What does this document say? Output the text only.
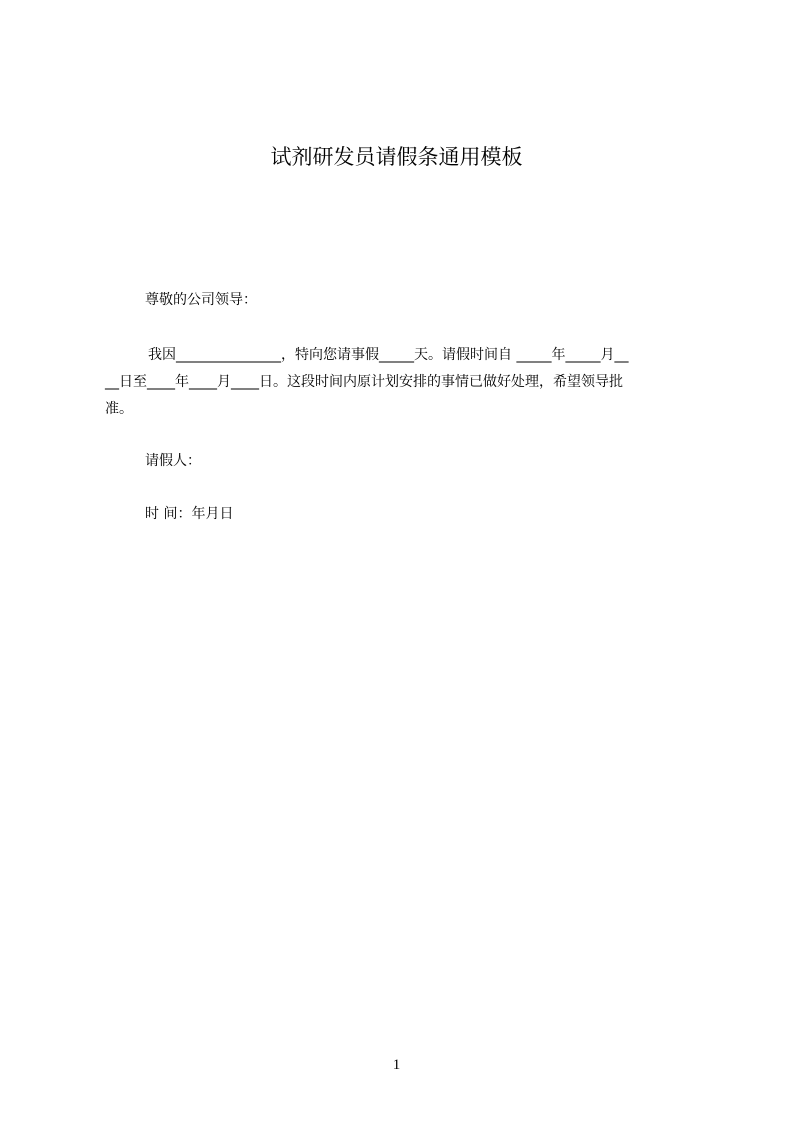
试剂研发员请假条通用模板
尊敬的公司领导：
我因_______________，特向您请事假_____天。请假时间自 _____年_____月__
__日至____年____月____日。这段时间内原计划安排的事情已做好处理，希望领导批
准。
请假人：
时 间：年月日
1
